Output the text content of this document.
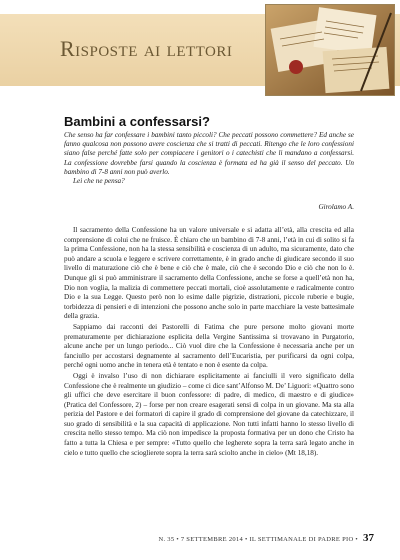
Risposte ai lettori
Bambini a confessarsi?

Che senso ha far confessare i bambini tanto piccoli? Che peccati possono commettere? Ed anche se fanno qualcosa non possono avere coscienza che si tratti di peccati. Ritengo che le loro confessioni siano false perché fatte solo per compiacere i genitori o i catechisti che li mandano a confessarsi. La confessione dovrebbe farsi quando la coscienza è formata ed ha già il senso del peccato. Un bambino di 7-8 anni non può averlo.

Lei che ne pensa?

Girolamo A.

Il sacramento della Confessione ha un valore universale e si adatta all’età, alla crescita ed alla comprensione di colui che ne fruisce. È chiaro che un bambino di 7-8 anni, l’età in cui di solito si fa la prima Confessione, non ha la stessa sensibilità e coscienza di un adulto, ma sicuramente, dato che può andare a scuola e leggere e scrivere correttamente, è in grado anche di giudicare secondo il suo livello di maturazione ciò che è bene e ciò che è male, ciò che è secondo Dio e ciò che non lo è. Dunque gli si può amministrare il sacramento della Confessione, anche se forse a quell’età non ha, Dio non voglia, la malizia di commettere peccati mortali, cioè assolutamente e radicalmente contro Dio e la sua Legge. Questo però non lo esime dalle pigrizie, distrazioni, piccole ruberie e bugie, torbidezza di pensieri e di intenzioni che possono anche solo in parte macchiare la veste battesimale della grazia.

Sappiamo dai racconti dei Pastorelli di Fatima che pure persone molto giovani morte prematuramente per dichiarazione esplicita della Vergine Santissima si trovavano in Purgatorio, alcune anche per un lungo periodo... Ciò vuol dire che la Confessione è necessaria anche per un fanciullo per accostarsi degnamente al sacramento dell’Eucaristia, per purificarsi da ogni colpa, perché ogni uomo anche in tenera età è tentato e non è esente da colpa.

Oggi è invalso l’uso di non dichiarare esplicitamente ai fanciulli il vero significato della Confessione che è realmente un giudizio – come ci dice sant’Alfonso M. De’ Liguori: «Quattro sono gli uffici che deve esercitare il buon confessore: di padre, di medico, di maestro e di giudice» (Pratica del Confessore, 2) – forse per non creare esagerati sensi di colpa in un giovane. Ma sta alla perizia del Pastore e dei formatori di capire il grado di comprensione del giovane da catechizzare, il suo grado di sensibilità e la sua capacità di applicazione. Non tutti infatti hanno lo stesso livello di crescita nello stesso tempo. Ma ciò non impedisce la proposta formativa per un dono che Cristo ha fatto a tutta la Chiesa e per sempre: «Tutto quello che legherete sopra la terra sarà legato anche in cielo e tutto quello che scioglierete sopra la terra sarà sciolto anche in cielo» (Mt 18,18).

N. 35 • 7 SETTEMBRE 2014 • IL SETTIMANALE DI PADRE PIO • 37
